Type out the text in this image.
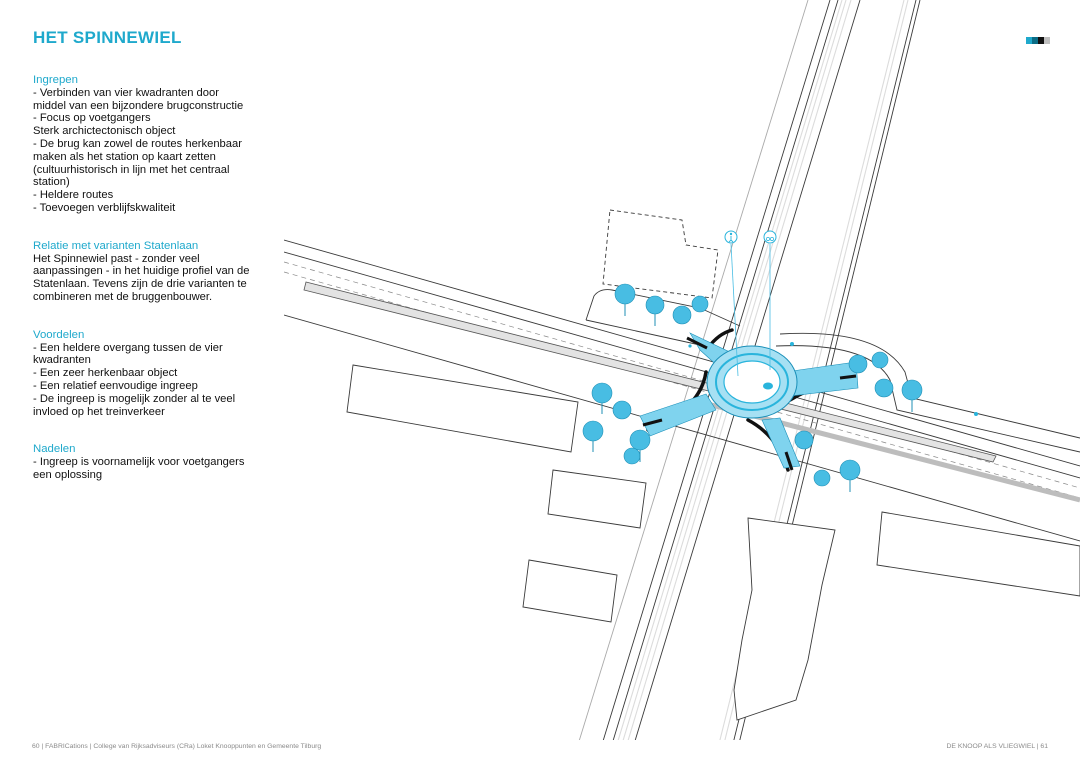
HET SPINNEWIEL
Ingrepen
- Verbinden van vier kwadranten door
middel van een bijzondere brugconstructie
- Focus op voetgangers
Sterk archictectonisch object
- De brug kan zowel de routes herkenbaar
maken als het station op kaart zetten
(cultuurhistorisch in lijn met het centraal
station)
- Heldere routes
- Toevoegen verblijfskwaliteit
Relatie met varianten Statenlaan
Het Spinnewiel past - zonder veel
aanpassingen - in het huidige profiel van de
Statenlaan. Tevens zijn de drie varianten te
combineren met de bruggenbouwer.
Voordelen
- Een heldere overgang tussen de vier
kwadranten
- Een zeer herkenbaar object
- Een relatief eenvoudige ingreep
- De ingreep is mogelijk zonder al te veel
invloed op het treinverkeer
Nadelen
- Ingreep is voornamelijk voor voetgangers
een oplossing
60 | FABRICations | College van Rijksadviseurs (CRa) Loket Knooppunten en Gemeente Tilburg	DE KNOOP ALS VLIEGWIEL | 61
